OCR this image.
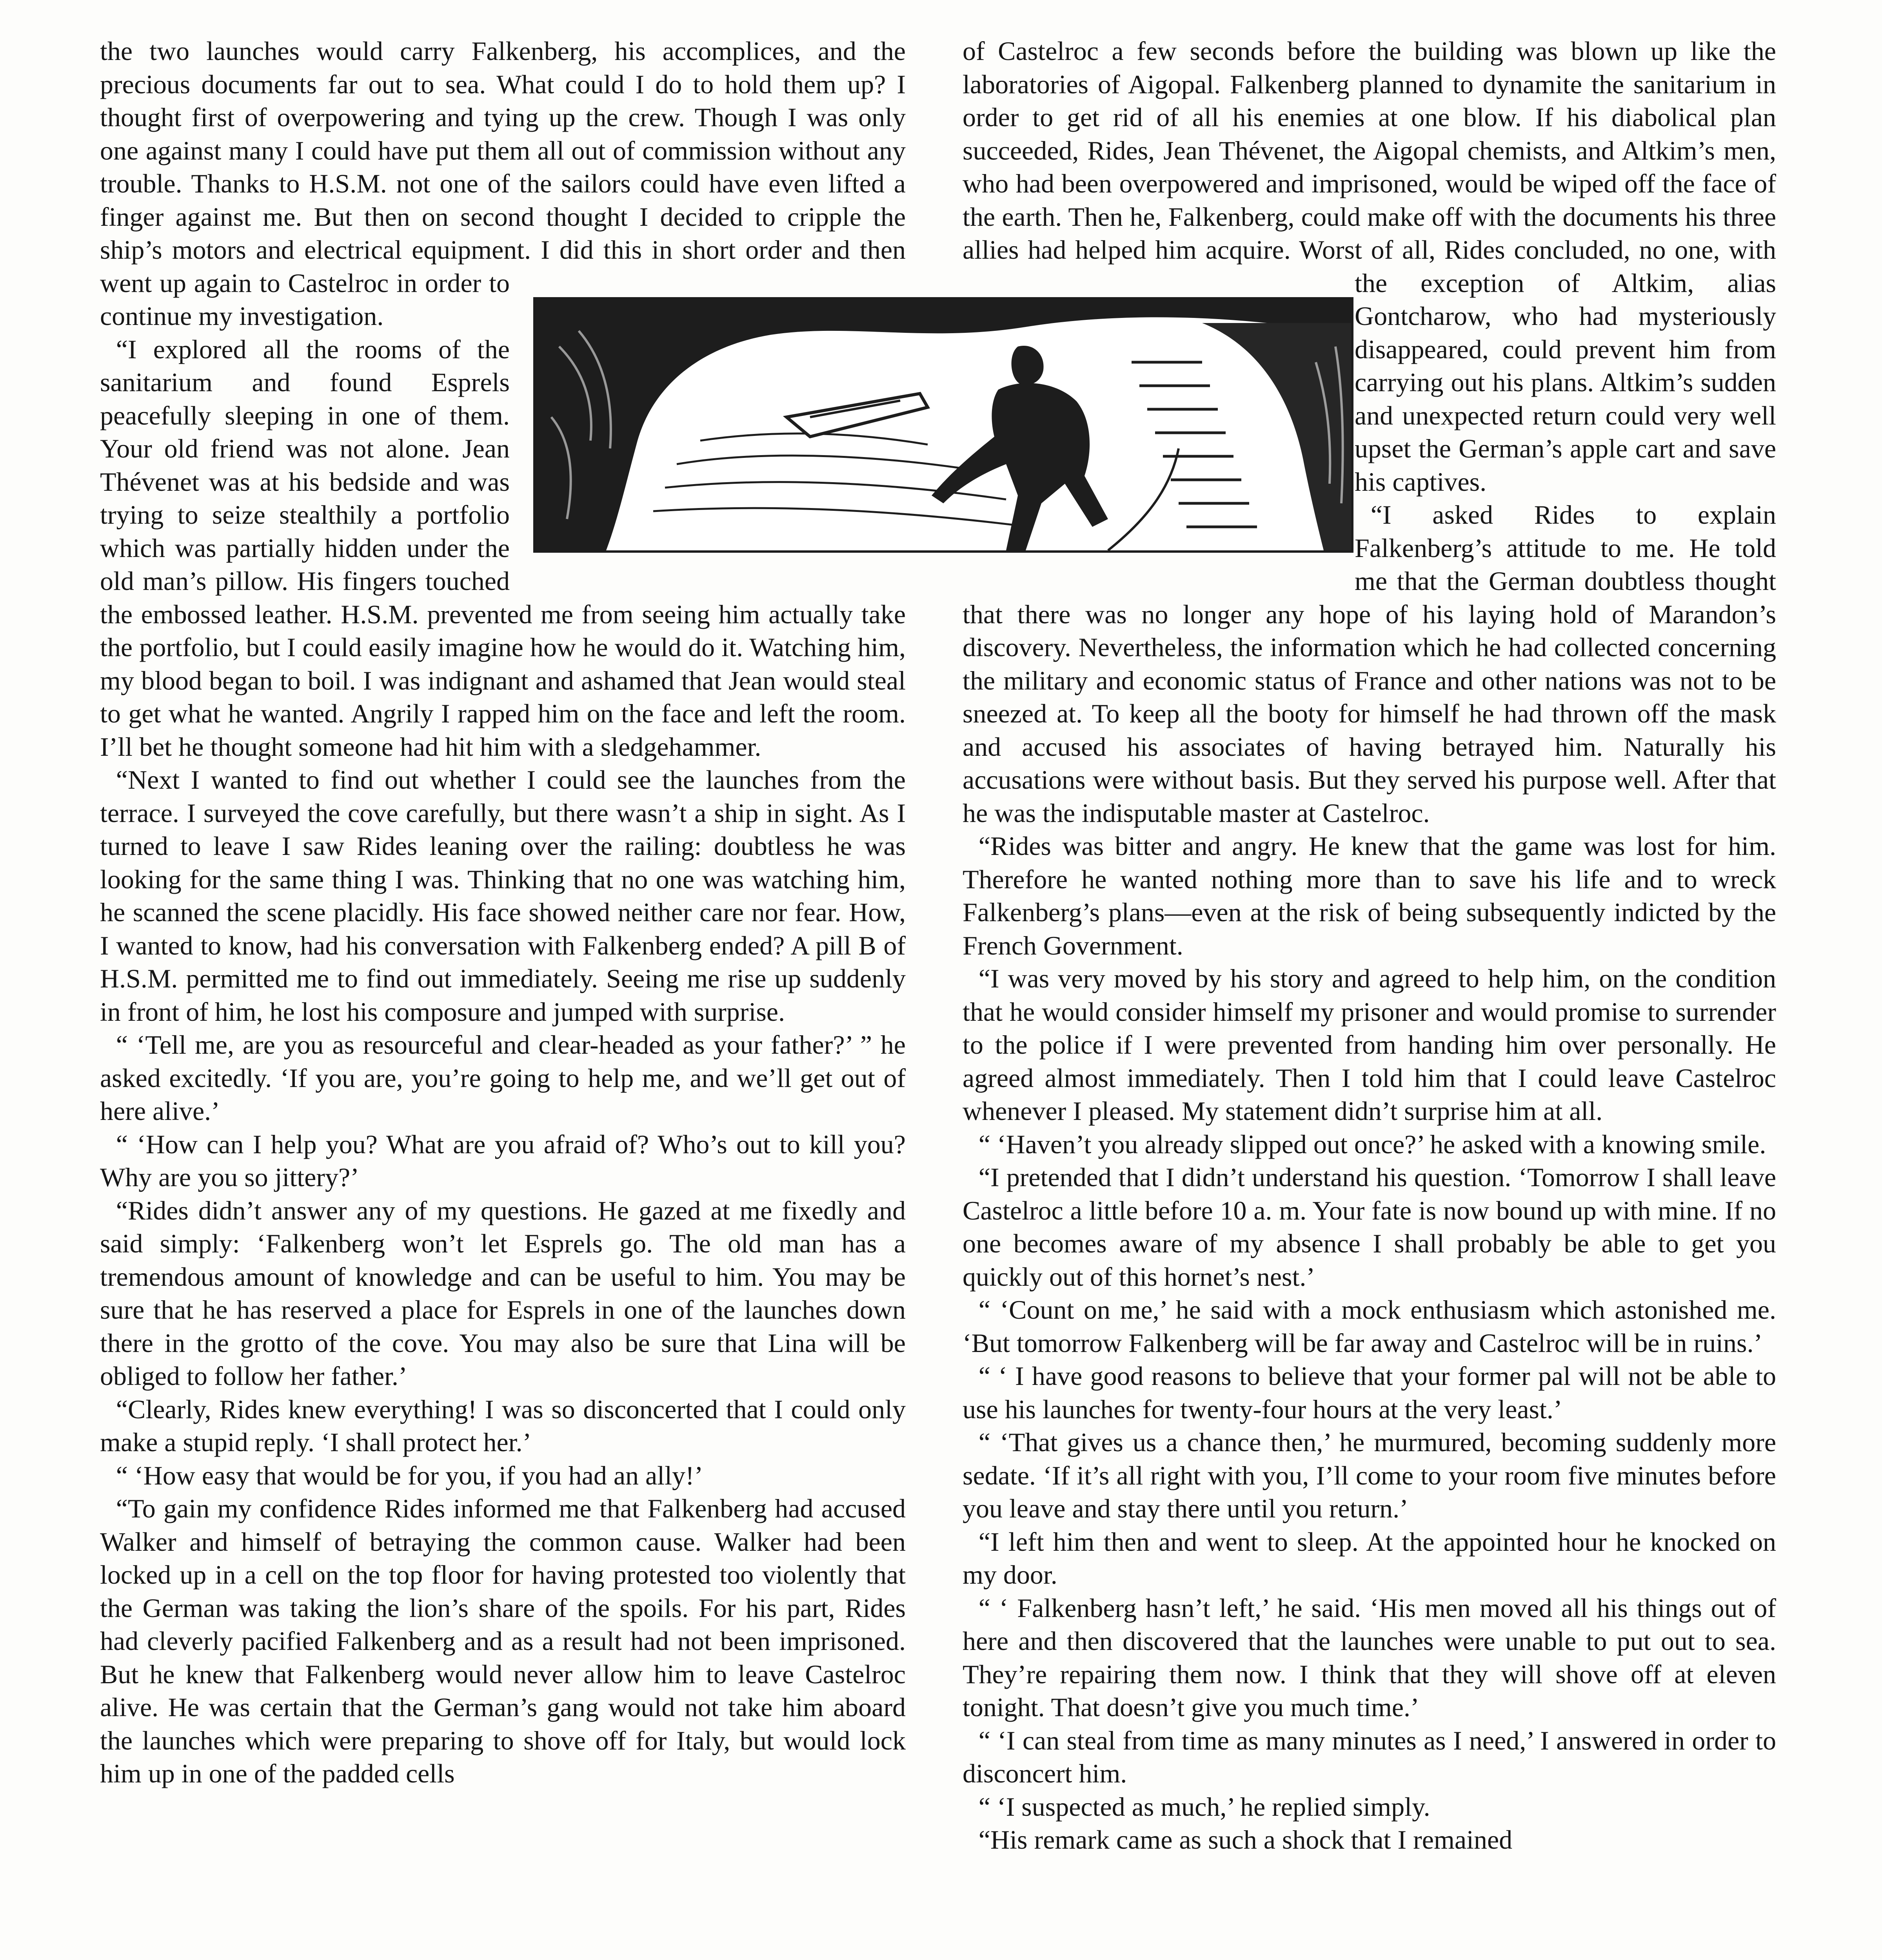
the two launches would carry Falkenberg, his accomplices, and the precious documents far out to sea. What could I do to hold them up? I thought first of overpowering and tying up the crew. Though I was only one against many I could have put them all out of commission without any trouble. Thanks to H.S.M. not one of the sailors could have even lifted a finger against me. But then on second thought I decided to cripple the ship’s motors and electrical equipment. I did this in short order and then went up again to Castelroc in order to continue my investigation.

“I explored all the rooms of the sanitarium and found Esprels peacefully sleeping in one of them. Your old friend was not alone. Jean Thévenet was at his bedside and was trying to seize stealthily a portfolio which was partially hidden under the old man’s pillow. His fingers touched the embossed leather. H.S.M. prevented me from seeing him actually take the portfolio, but I could easily imagine how he would do it. Watching him, my blood began to boil. I was indignant and ashamed that Jean would steal to get what he wanted. Angrily I rapped him on the face and left the room. I’ll bet he thought someone had hit him with a sledgehammer.

“Next I wanted to find out whether I could see the launches from the terrace. I surveyed the cove carefully, but there wasn’t a ship in sight. As I turned to leave I saw Rides leaning over the railing: doubtless he was looking for the same thing I was. Thinking that no one was watching him, he scanned the scene placidly. His face showed neither care nor fear. How, I wanted to know, had his conversation with Falkenberg ended? A pill B of H.S.M. permitted me to find out immediately. Seeing me rise up suddenly in front of him, he lost his composure and jumped with surprise.

“ ‘Tell me, are you as resourceful and clear-headed as your father?’ ” he asked excitedly. ‘If you are, you’re going to help me, and we’ll get out of here alive.’

“ ‘How can I help you? What are you afraid of? Who’s out to kill you? Why are you so jittery?’

“Rides didn’t answer any of my questions. He gazed at me fixedly and said simply: ‘Falkenberg won’t let Esprels go. The old man has a tremendous amount of knowledge and can be useful to him. You may be sure that he has reserved a place for Esprels in one of the launches down there in the grotto of the cove. You may also be sure that Lina will be obliged to follow her father.’

“Clearly, Rides knew everything! I was so disconcerted that I could only make a stupid reply. ‘I shall protect her.’

“ ‘How easy that would be for you, if you had an ally!’

“To gain my confidence Rides informed me that Falkenberg had accused Walker and himself of betraying the common cause. Walker had been locked up in a cell on the top floor for having protested too violently that the German was taking the lion’s share of the spoils. For his part, Rides had cleverly pacified Falkenberg and as a result had not been imprisoned. But he knew that Falkenberg would never allow him to leave Castelroc alive. He was certain that the German’s gang would not take him aboard the launches which were preparing to shove off for Italy, but would lock him up in one of the padded cells

of Castelroc a few seconds before the building was blown up like the laboratories of Aigopal. Falkenberg planned to dynamite the sanitarium in order to get rid of all his enemies at one blow. If his diabolical plan succeeded, Rides, Jean Thévenet, the Aigopal chemists, and Altkim’s men, who had been overpowered and imprisoned, would be wiped off the face of the earth. Then he, Falkenberg, could make off with the documents his three allies had helped him acquire. Worst of all, Rides concluded, no one, with the exception of Altkim, alias Gontcharow, who had mysteriously disappeared, could prevent him from carrying out his plans. Altkim’s sudden and unexpected return could very well upset the German’s apple cart and save his captives.

“I asked Rides to explain Falkenberg’s attitude to me. He told me that the German doubtless thought that there was no longer any hope of his laying hold of Marandon’s discovery. Nevertheless, the information which he had collected concerning the military and economic status of France and other nations was not to be sneezed at. To keep all the booty for himself he had thrown off the mask and accused his associates of having betrayed him. Naturally his accusations were without basis. But they served his purpose well. After that he was the indisputable master at Castelroc.

“Rides was bitter and angry. He knew that the game was lost for him. Therefore he wanted nothing more than to save his life and to wreck Falkenberg’s plans—even at the risk of being subsequently indicted by the French Government.

“I was very moved by his story and agreed to help him, on the condition that he would consider himself my prisoner and would promise to surrender to the police if I were prevented from handing him over personally. He agreed almost immediately. Then I told him that I could leave Castelroc whenever I pleased. My statement didn’t surprise him at all.

“ ‘Haven’t you already slipped out once?’ he asked with a knowing smile.

“I pretended that I didn’t understand his question. ‘Tomorrow I shall leave Castelroc a little before 10 a. m. Your fate is now bound up with mine. If no one becomes aware of my absence I shall probably be able to get you quickly out of this hornet’s nest.’

“ ‘Count on me,’ he said with a mock enthusiasm which astonished me. ‘But tomorrow Falkenberg will be far away and Castelroc will be in ruins.’

“ ‘ I have good reasons to believe that your former pal will not be able to use his launches for twenty-four hours at the very least.’

“ ‘That gives us a chance then,’ he murmured, becoming suddenly more sedate. ‘If it’s all right with you, I’ll come to your room five minutes before you leave and stay there until you return.’

“I left him then and went to sleep. At the appointed hour he knocked on my door.

“ ‘ Falkenberg hasn’t left,’ he said. ‘His men moved all his things out of here and then discovered that the launches were unable to put out to sea. They’re repairing them now. I think that they will shove off at eleven tonight. That doesn’t give you much time.’

“ ‘I can steal from time as many minutes as I need,’ I answered in order to disconcert him.

“ ‘I suspected as much,’ he replied simply.

“His remark came as such a shock that I remained
